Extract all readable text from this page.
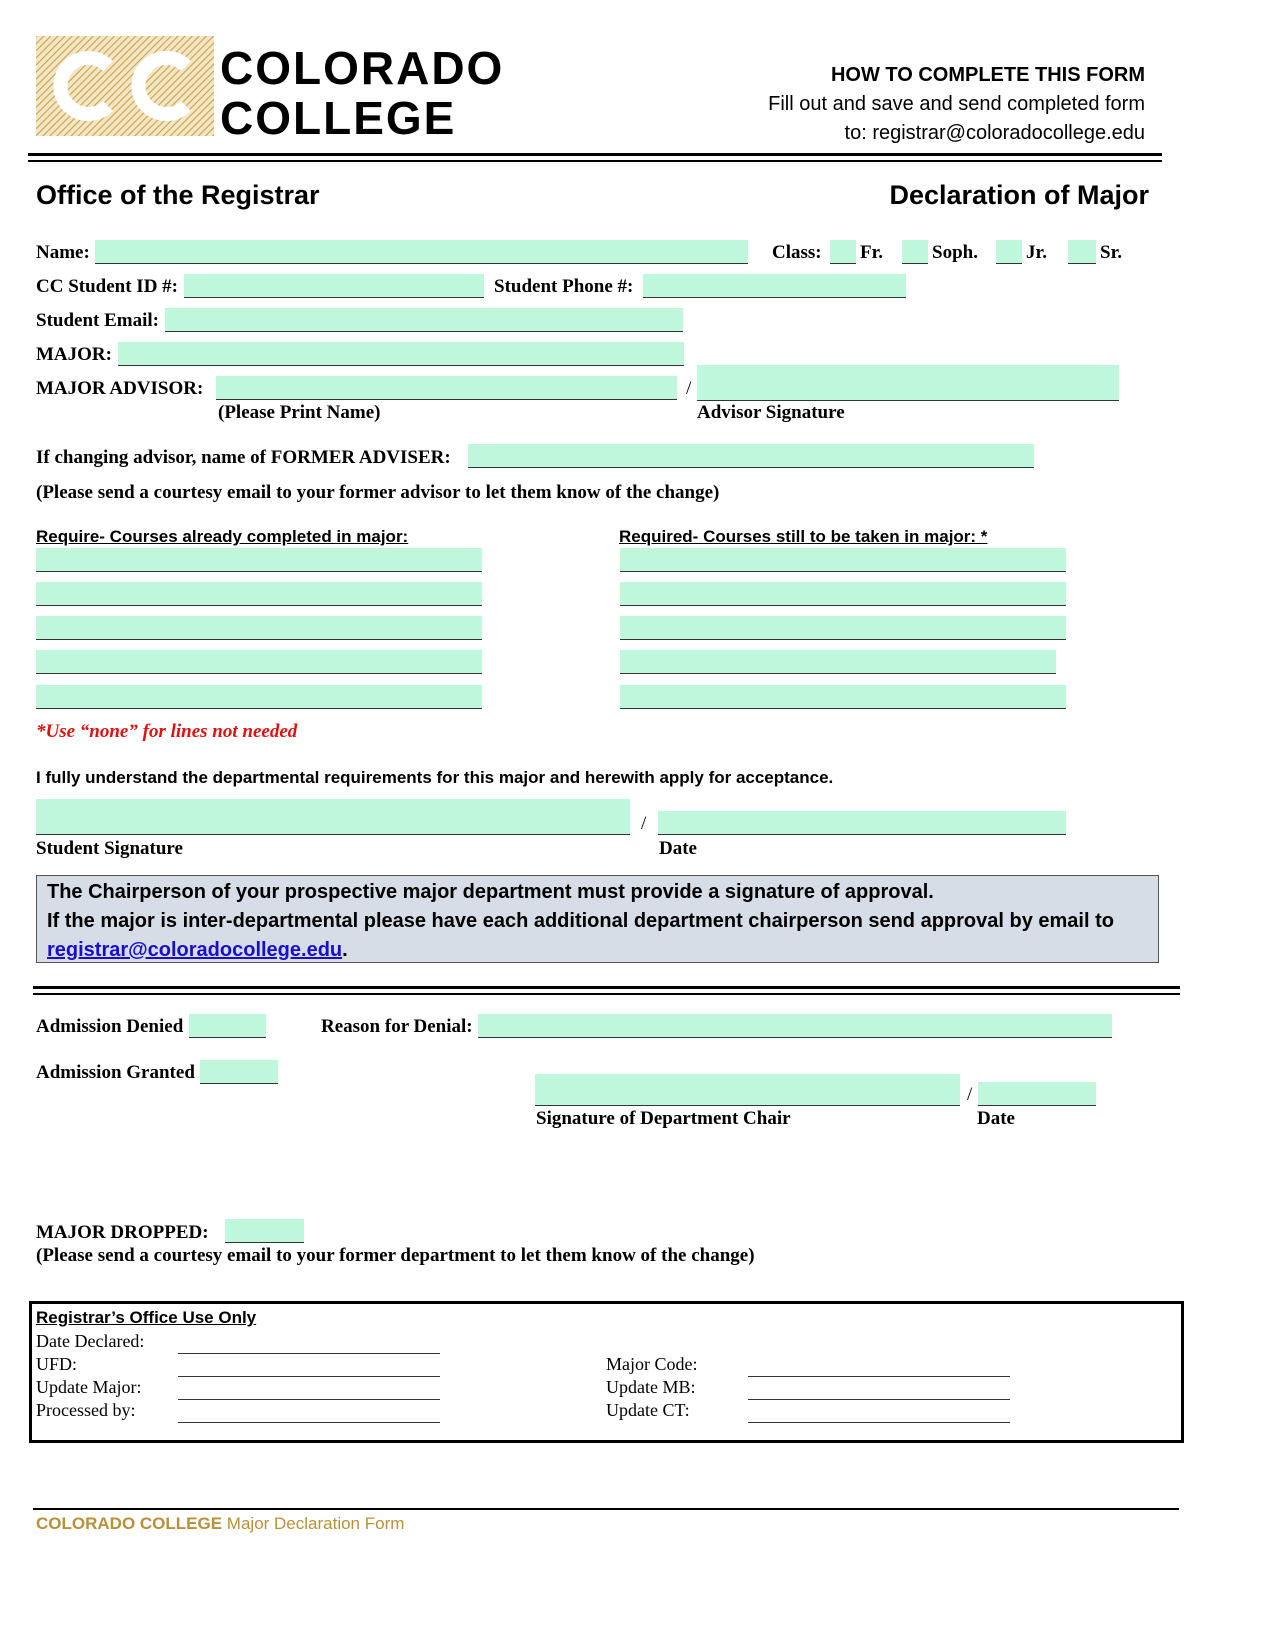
COLORADO
COLLEGE
HOW TO COMPLETE THIS FORM
Fill out and save and send completed form
to: registrar@coloradocollege.edu
Office of the Registrar	Declaration of Major
Name:	Class: Fr.	Soph.	Jr.	Sr.
CC Student ID #:	Student Phone #:
Student Email:
MAJOR:
MAJOR ADVISOR:	/
(Please Print Name)	Advisor Signature
If changing advisor, name of FORMER ADVISER:
(Please send a courtesy email to your former advisor to let them know of the change)
Require- Courses already completed in major:	Required- Courses still to be taken in major: *
*Use “none” for lines not needed
I fully understand the departmental requirements for this major and herewith apply for acceptance.
/
Student Signature	Date
The Chairperson of your prospective major department must provide a signature of approval.
If the major is inter-departmental please have each additional department chairperson send approval by email to
registrar@coloradocollege.edu.
Admission Denied	Reason for Denial:
Admission Granted
/
Signature of Department Chair	Date
MAJOR DROPPED:
(Please send a courtesy email to your former department to let them know of the change)
Registrar’s Office Use Only
Date Declared:
UFD:
Update Major:
Processed by:
Major Code:
Update MB:
Update CT:
COLORADO COLLEGE Major Declaration Form
